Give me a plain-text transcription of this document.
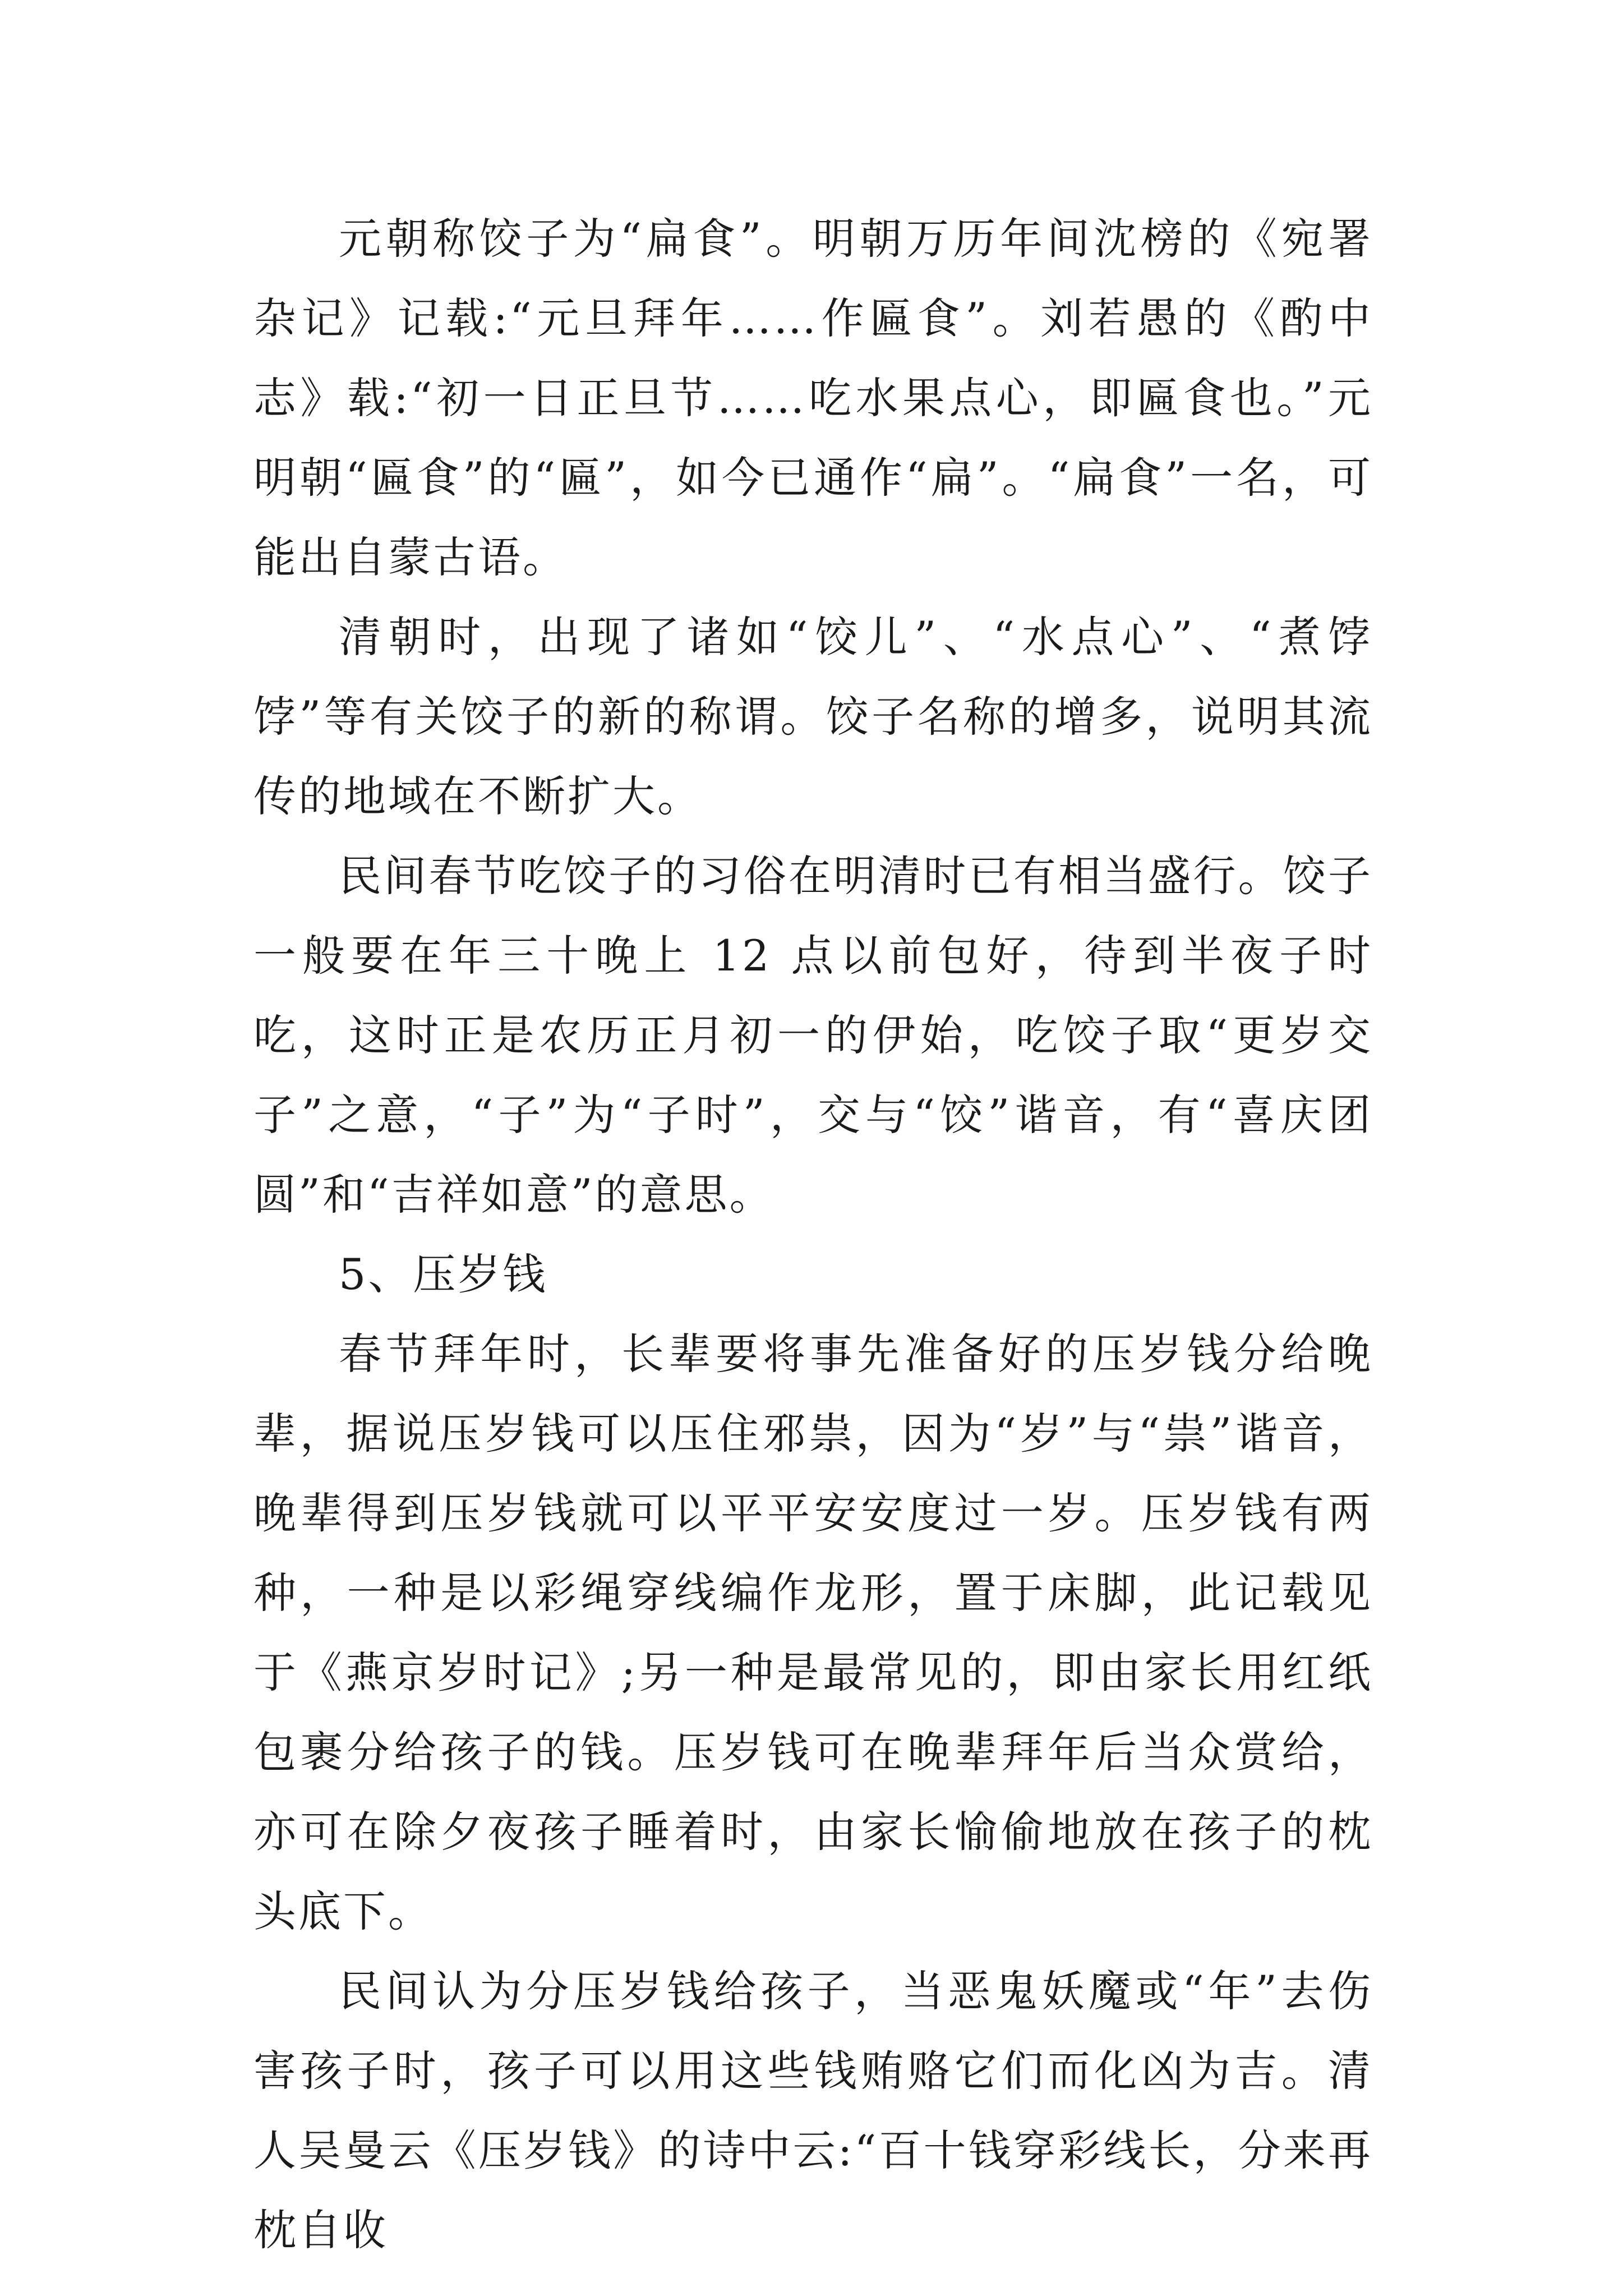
元朝称饺子为“扁食”。明朝万历年间沈榜的《宛署杂记》记载:“元旦拜年……作匾食”。刘若愚的《酌中志》载:“初一日正旦节……吃水果点心，即匾食也。”元明朝“匾食”的“匾”，如今已通作“扁”。“扁食”一名，可能出自蒙古语。

清朝时，出现了诸如“饺儿”、“水点心”、“煮饽饽”等有关饺子的新的称谓。饺子名称的增多，说明其流传的地域在不断扩大。

民间春节吃饺子的习俗在明清时已有相当盛行。饺子一般要在年三十晚上 12 点以前包好，待到半夜子时吃，这时正是农历正月初一的伊始，吃饺子取“更岁交子”之意，“子”为“子时”，交与“饺”谐音，有“喜庆团圆”和“吉祥如意”的意思。

5、压岁钱

春节拜年时，长辈要将事先准备好的压岁钱分给晚辈，据说压岁钱可以压住邪祟，因为“岁”与“祟”谐音，晚辈得到压岁钱就可以平平安安度过一岁。压岁钱有两种，一种是以彩绳穿线编作龙形，置于床脚，此记载见于《燕京岁时记》;另一种是最常见的，即由家长用红纸包裹分给孩子的钱。压岁钱可在晚辈拜年后当众赏给，亦可在除夕夜孩子睡着时，由家长愉偷地放在孩子的枕头底下。

民间认为分压岁钱给孩子，当恶鬼妖魔或“年”去伤害孩子时，孩子可以用这些钱贿赂它们而化凶为吉。清人吴曼云《压岁钱》的诗中云:“百十钱穿彩线长，分来再枕自收
